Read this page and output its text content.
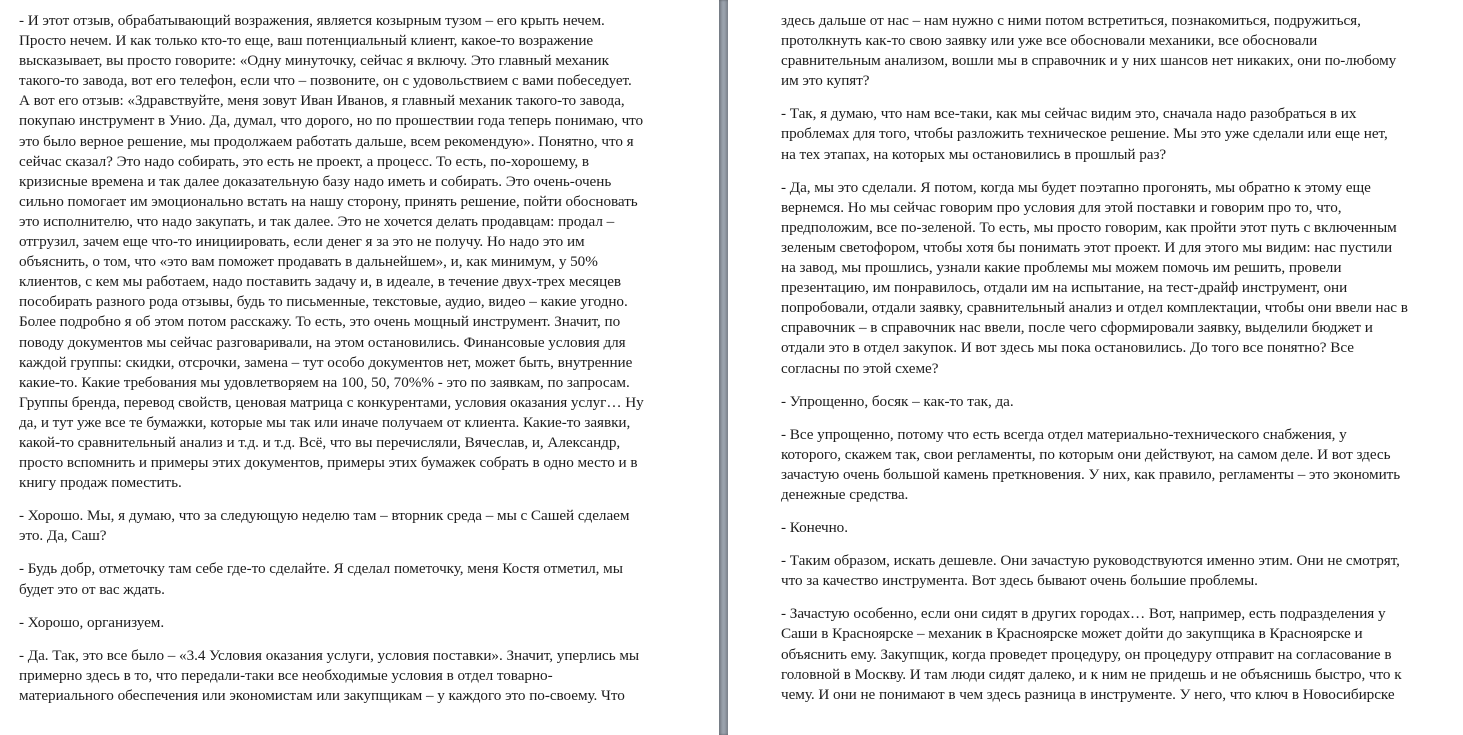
- И этот отзыв, обрабатывающий возражения, является козырным тузом – его крыть нечем.
Просто нечем. И как только кто-то еще, ваш потенциальный клиент, какое-то возражение
высказывает, вы просто говорите: «Одну минуточку, сейчас я включу. Это главный механик
такого-то завода, вот его телефон, если что – позвоните, он с удовольствием с вами побеседует.
А вот его отзыв: «Здравствуйте, меня зовут Иван Иванов, я главный механик такого-то завода,
покупаю инструмент в Унио. Да, думал, что дорого, но по прошествии года теперь понимаю, что
это было верное решение, мы продолжаем работать дальше, всем рекомендую». Понятно, что я
сейчас сказал? Это надо собирать, это есть не проект, а процесс. То есть, по-хорошему, в
кризисные времена и так далее доказательную базу надо иметь и собирать. Это очень-очень
сильно помогает им эмоционально встать на нашу сторону, принять решение, пойти обосновать
это исполнителю, что надо закупать, и так далее. Это не хочется делать продавцам: продал –
отгрузил, зачем еще что-то инициировать, если денег я за это не получу. Но надо это им
объяснить, о том, что «это вам поможет продавать в дальнейшем», и, как минимум, у 50%
клиентов, с кем мы работаем, надо поставить задачу и, в идеале, в течение двух-трех месяцев
пособирать разного рода отзывы, будь то письменные, текстовые, аудио, видео – какие угодно.
Более подробно я об этом потом расскажу. То есть, это очень мощный инструмент. Значит, по
поводу документов мы сейчас разговаривали, на этом остановились. Финансовые условия для
каждой группы: скидки, отсрочки, замена – тут особо документов нет, может быть, внутренние
какие-то. Какие требования мы удовлетворяем на 100, 50, 70%% - это по заявкам, по запросам.
Группы бренда, перевод свойств, ценовая матрица с конкурентами, условия оказания услуг… Ну
да, и тут уже все те бумажки, которые мы так или иначе получаем от клиента. Какие-то заявки,
какой-то сравнительный анализ и т.д. и т.д. Всё, что вы перечисляли, Вячеслав, и, Александр,
просто вспомнить и примеры этих документов, примеры этих бумажек собрать в одно место и в
книгу продаж поместить.
- Хорошо. Мы, я думаю, что за следующую неделю там – вторник среда – мы с Сашей сделаем
это. Да, Саш?
- Будь добр, отметочку там себе где-то сделайте. Я сделал пометочку, меня Костя отметил, мы
будет это от вас ждать.
- Хорошо, организуем.
- Да. Так, это все было – «3.4 Условия оказания услуги, условия поставки». Значит, уперлись мы
примерно здесь в то, что передали-таки все необходимые условия в отдел товарно-
материального обеспечения или экономистам или закупщикам – у каждого это по-своему. Что
здесь дальше от нас – нам нужно с ними потом встретиться, познакомиться, подружиться,
протолкнуть как-то свою заявку или уже все обосновали механики, все обосновали
сравнительным анализом, вошли мы в справочник и у них шансов нет никаких, они по-любому
им это купят?
- Так, я думаю, что нам все-таки, как мы сейчас видим это, сначала надо разобраться в их
проблемах для того, чтобы разложить техническое решение. Мы это уже сделали или еще нет,
на тех этапах, на которых мы остановились в прошлый раз?
- Да, мы это сделали. Я потом, когда мы будет поэтапно прогонять, мы обратно к этому еще
вернемся. Но мы сейчас говорим про условия для этой поставки и говорим про то, что,
предположим, все по-зеленой. То есть, мы просто говорим, как пройти этот путь с включенным
зеленым светофором, чтобы хотя бы понимать этот проект. И для этого мы видим: нас пустили
на завод, мы прошлись, узнали какие проблемы мы можем помочь им решить, провели
презентацию, им понравилось, отдали им на испытание, на тест-драйф инструмент, они
попробовали, отдали заявку, сравнительный анализ и отдел комплектации, чтобы они ввели нас в
справочник – в справочник нас ввели, после чего сформировали заявку, выделили бюджет и
отдали это в отдел закупок. И вот здесь мы пока остановились. До того все понятно? Все
согласны по этой схеме?
- Упрощенно, босяк – как-то так, да.
- Все упрощенно, потому что есть всегда отдел материально-технического снабжения, у
которого, скажем так, свои регламенты, по которым они действуют, на самом деле. И вот здесь
зачастую очень большой камень преткновения. У них, как правило, регламенты – это экономить
денежные средства.
- Конечно.
- Таким образом, искать дешевле. Они зачастую руководствуются именно этим. Они не смотрят,
что за качество инструмента. Вот здесь бывают очень большие проблемы.
- Зачастую особенно, если они сидят в других городах… Вот, например, есть подразделения у
Саши в Красноярске – механик в Красноярске может дойти до закупщика в Красноярске и
объяснить ему. Закупщик, когда проведет процедуру, он процедуру отправит на согласование в
головной в Москву. И там люди сидят далеко, и к ним не придешь и не объяснишь быстро, что к
чему. И они не понимают в чем здесь разница в инструменте. У него, что ключ в Новосибирске
